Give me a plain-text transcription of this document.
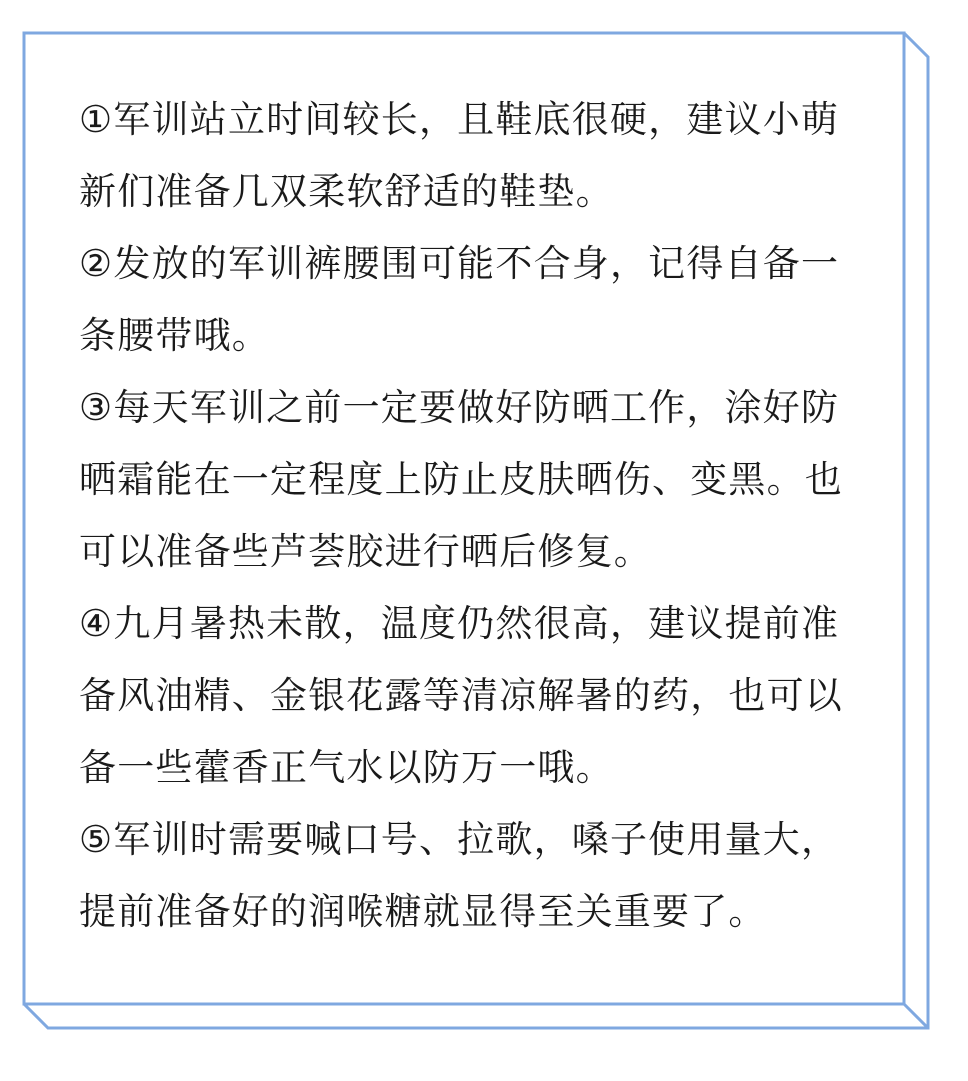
①军训站立时间较长，且鞋底很硬，建议小萌
新们准备几双柔软舒适的鞋垫。

②发放的军训裤腰围可能不合身，记得自备一
条腰带哦。

③每天军训之前一定要做好防晒工作，涂好防
晒霜能在一定程度上防止皮肤晒伤、变黑。也
可以准备些芦荟胶进行晒后修复。

④九月暑热未散，温度仍然很高，建议提前准
备风油精、金银花露等清凉解暑的药，也可以
备一些藿香正气水以防万一哦。

⑤军训时需要喊口号、拉歌，嗓子使用量大，
提前准备好的润喉糖就显得至关重要了。
